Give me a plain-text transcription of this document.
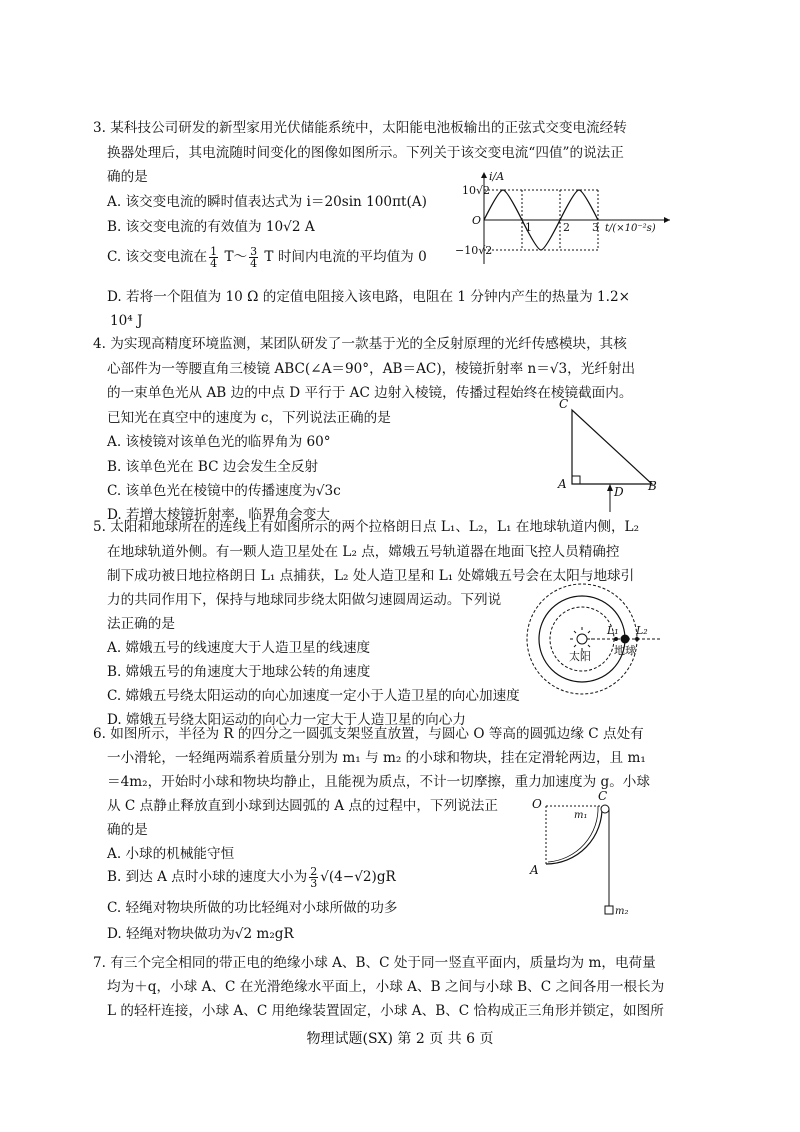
3. 某科技公司研发的新型家用光伏储能系统中，太阳能电池板输出的正弦式交变电流经转
换器处理后，其电流随时间变化的图像如图所示。下列关于该交变电流“四值”的说法正
确的是
A. 该交变电流的瞬时值表达式为 i＝20sin 100πt(A)
B. 该交变电流的有效值为 10√2 A
C. 该交变电流在 $\frac{1}{4}$ T～ $\frac{3}{4}$ T 时间内电流的平均值为 0
D. 若将一个阻值为 10 Ω 的定值电阻接入该电路，电阻在 1 分钟内产生的热量为 1.2×
10⁴ J
i/A
10√2
−10√2
O
1	2 3 t/(×10⁻²s)
4. 为实现高精度环境监测，某团队研发了一款基于光的全反射原理的光纤传感模块，其核
心部件为一等腰直角三棱镜 ABC(∠A＝90°，AB＝AC)，棱镜折射率 n＝√3，光纤射出
的一束单色光从 AB 边的中点 D 平行于 AC 边射入棱镜，传播过程始终在棱镜截面内。
已知光在真空中的速度为 c，下列说法正确的是
A. 该棱镜对该单色光的临界角为 60°
B. 该单色光在 BC 边会发生全反射
C. 该单色光在棱镜中的传播速度为√3c
D. 若增大棱镜折射率，临界角会变大
C
A
D B
5. 太阳和地球所在的连线上有如图所示的两个拉格朗日点 L₁、L₂，L₁ 在地球轨道内侧，L₂
在地球轨道外侧。有一颗人造卫星处在 L₂ 点，嫦娥五号轨道器在地面飞控人员精确控
制下成功被日地拉格朗日 L₁ 点捕获，L₂ 处人造卫星和 L₁ 处嫦娥五号会在太阳与地球引
力的共同作用下，保持与地球同步绕太阳做匀速圆周运动。下列说
法正确的是
A. 嫦娥五号的线速度大于人造卫星的线速度
B. 嫦娥五号的角速度大于地球公转的角速度
C. 嫦娥五号绕太阳运动的向心加速度一定小于人造卫星的向心加速度
D. 嫦娥五号绕太阳运动的向心力一定大于人造卫星的向心力
L₁ L₂
太阳 地球
6. 如图所示，半径为 R 的四分之一圆弧支架竖直放置，与圆心 O 等高的圆弧边缘 C 点处有
一小滑轮，一轻绳两端系着质量分别为 m₁ 与 m₂ 的小球和物块，挂在定滑轮两边，且 m₁
＝4m₂，开始时小球和物块均静止，且能视为质点，不计一切摩擦，重力加速度为 g。小球
从 C 点静止释放直到小球到达圆弧的 A 点的过程中，下列说法正
确的是
A. 小球的机械能守恒
B. 到达 A 点时小球的速度大小为 $\frac{2}{3} √(4-√2)gR$
C. 轻绳对物块所做的功比轻绳对小球所做的功多
D. 轻绳对物块做功为√2 m₂gR
O
C
m₁
A
m₂
7. 有三个完全相同的带正电的绝缘小球 A、B、C 处于同一竖直平面内，质量均为 m，电荷量
均为＋q，小球 A、C 在光滑绝缘水平面上，小球 A、B 之间与小球 B、C 之间各用一根长为
L 的轻杆连接，小球 A、C 用绝缘装置固定，小球 A、B、C 恰构成正三角形并锁定，如图所
物理试题(SX) 第 2 页 共 6 页
